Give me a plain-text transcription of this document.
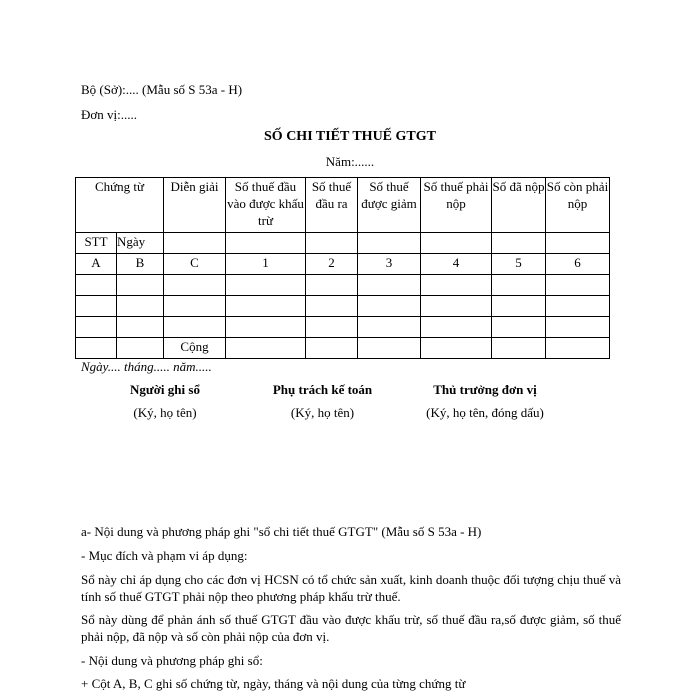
Bộ (Sở):.... (Mẫu số S 53a - H)
Đơn vị:.....
SỐ CHI TIẾT THUẾ GTGT
Năm:......
Chứng từ		Diễn giải	Số thuế đầu vào được khấu trừ	Số thuế đầu ra	Số thuế được giảm	Số thuế phải nộp	Số đã nộp	Số còn phải nộp
STT	Ngày							
A	B	C	1	2	3	4	5	6

		Cộng						
Ngày.... tháng..... năm.....
Người ghi sổ
(Ký, họ tên)
Phụ trách kế toán
(Ký, họ tên)
Thủ trưởng đơn vị
(Ký, họ tên, đóng dấu)
a- Nội dung và phương pháp ghi "sổ chi tiết thuế GTGT" (Mẫu số S 53a - H)
- Mục đích và phạm vi áp dụng:
Sổ này chỉ áp dụng cho các đơn vị HCSN có tổ chức sản xuất, kinh doanh thuộc đối tượng chịu thuế và tính số thuế GTGT phải nộp theo phương pháp khấu trừ thuế.
Sổ này dùng để phản ánh số thuế GTGT đầu vào được khấu trừ, số thuế đầu ra,số được giảm, số thuế phải nộp, đã nộp và số còn phải nộp của đơn vị.
- Nội dung và phương pháp ghi sổ:
+ Cột A, B, C ghi số chứng từ, ngày, tháng và nội dung của từng chứng từ
